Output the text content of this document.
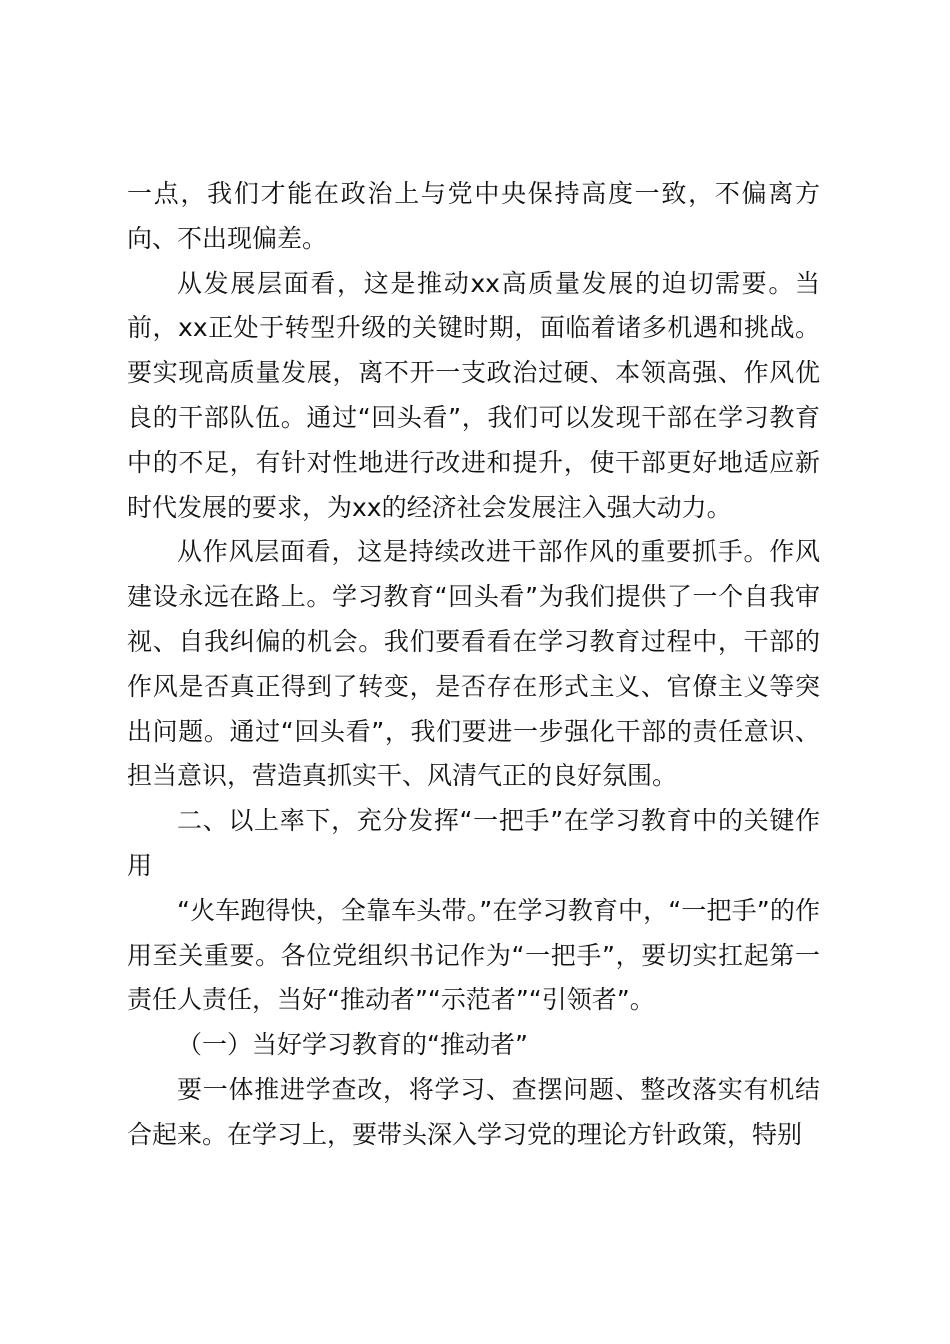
一点，我们才能在政治上与党中央保持高度一致，不偏离方向、不出现偏差。

从发展层面看，这是推动xx高质量发展的迫切需要。当前，xx正处于转型升级的关键时期，面临着诸多机遇和挑战。要实现高质量发展，离不开一支政治过硬、本领高强、作风优良的干部队伍。通过“回头看”，我们可以发现干部在学习教育中的不足，有针对性地进行改进和提升，使干部更好地适应新时代发展的要求，为xx的经济社会发展注入强大动力。

从作风层面看，这是持续改进干部作风的重要抓手。作风建设永远在路上。学习教育“回头看”为我们提供了一个自我审视、自我纠偏的机会。我们要看看在学习教育过程中，干部的作风是否真正得到了转变，是否存在形式主义、官僚主义等突出问题。通过“回头看”，我们要进一步强化干部的责任意识、担当意识，营造真抓实干、风清气正的良好氛围。

二、以上率下，充分发挥“一把手”在学习教育中的关键作用

“火车跑得快，全靠车头带。”在学习教育中，“一把手”的作用至关重要。各位党组织书记作为“一把手”，要切实扛起第一责任人责任，当好“推动者”“示范者”“引领者”。

（一）当好学习教育的“推动者”

要一体推进学查改，将学习、查摆问题、整改落实有机结合起来。在学习上，要带头深入学习党的理论方针政策，特别
